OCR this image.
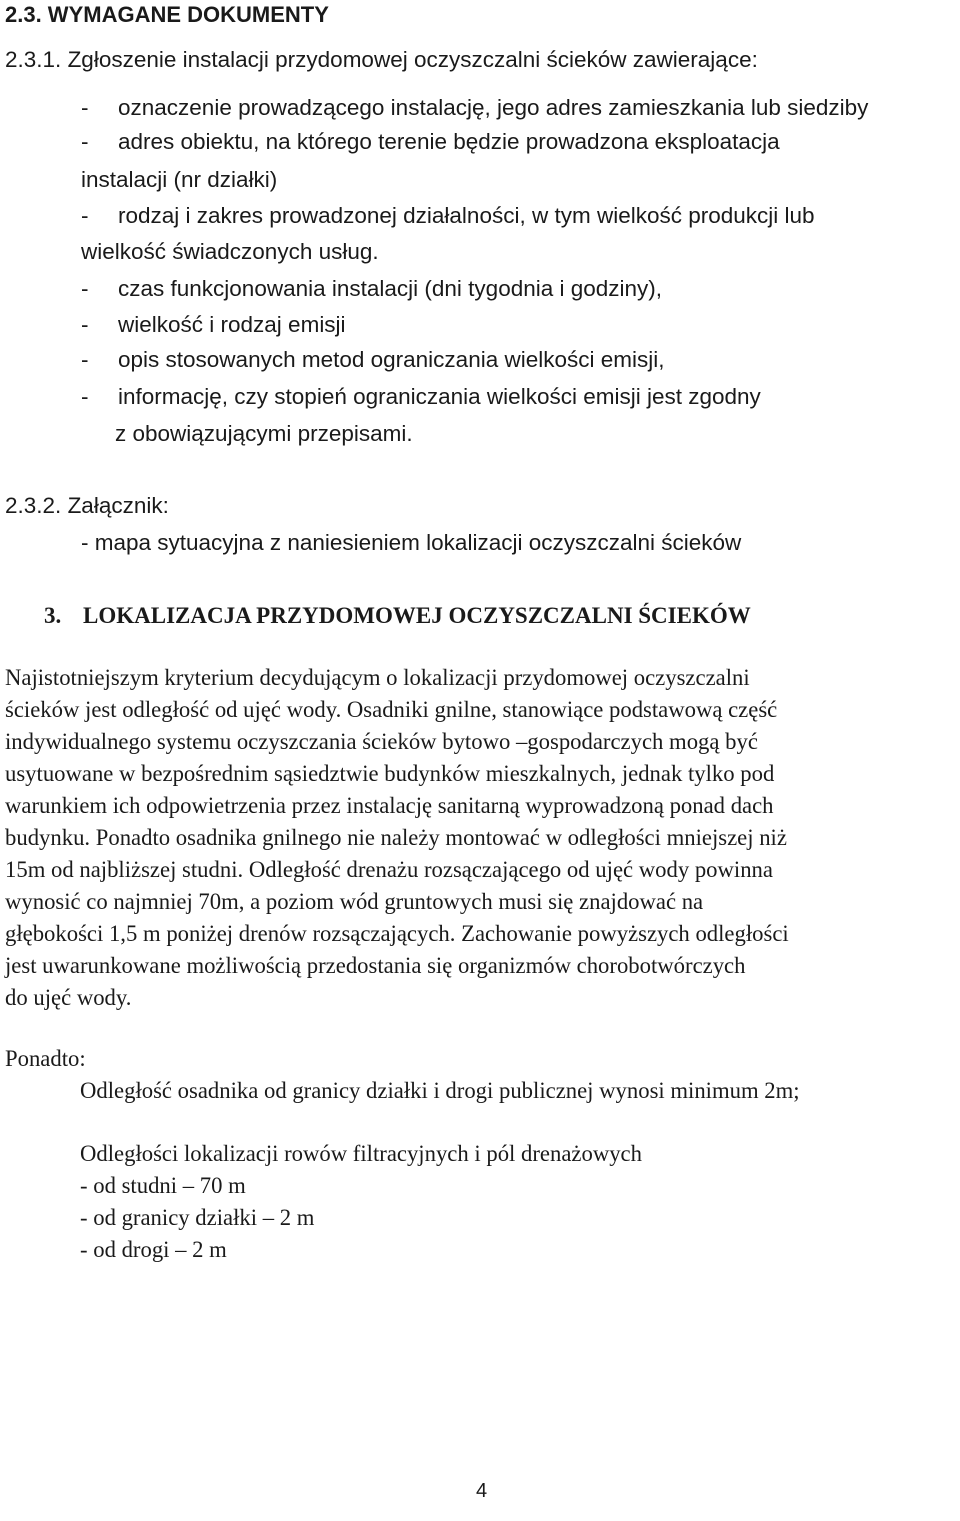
2.3. WYMAGANE DOKUMENTY
2.3.1. Zgłoszenie instalacji przydomowej oczyszczalni ścieków zawierające:
- oznaczenie prowadzącego instalację, jego adres zamieszkania lub siedziby
- adres obiektu, na którego terenie będzie prowadzona eksploatacja
instalacji (nr działki)
- rodzaj i zakres prowadzonej działalności, w tym wielkość produkcji lub
wielkość świadczonych usług.
- czas funkcjonowania instalacji (dni tygodnia i godziny),
- wielkość i rodzaj emisji
- opis stosowanych metod ograniczania wielkości emisji,
- informację, czy stopień ograniczania wielkości emisji jest zgodny
z obowiązującymi przepisami.
2.3.2. Załącznik:
- mapa sytuacyjna z naniesieniem lokalizacji oczyszczalni ścieków
3. LOKALIZACJA PRZYDOMOWEJ OCZYSZCZALNI ŚCIEKÓW
Najistotniejszym kryterium decydującym o lokalizacji przydomowej oczyszczalni
ścieków jest odległość od ujęć wody. Osadniki gnilne, stanowiące podstawową część
indywidualnego systemu oczyszczania ścieków bytowo –gospodarczych mogą być
usytuowane w bezpośrednim sąsiedztwie budynków mieszkalnych, jednak tylko pod
warunkiem ich odpowietrzenia przez instalację sanitarną wyprowadzoną ponad dach
budynku. Ponadto osadnika gnilnego nie należy montować w odległości mniejszej niż
15m od najbliższej studni. Odległość drenażu rozsączającego od ujęć wody powinna
wynosić co najmniej 70m, a poziom wód gruntowych musi się znajdować na
głębokości 1,5 m poniżej drenów rozsączających. Zachowanie powyższych odległości
jest uwarunkowane możliwością przedostania się organizmów chorobotwórczych
do ujęć wody.
Ponadto:
Odległość osadnika od granicy działki i drogi publicznej wynosi minimum 2m;
Odległości lokalizacji rowów filtracyjnych i pól drenażowych
- od studni – 70 m
- od granicy działki – 2 m
- od drogi – 2 m
4
